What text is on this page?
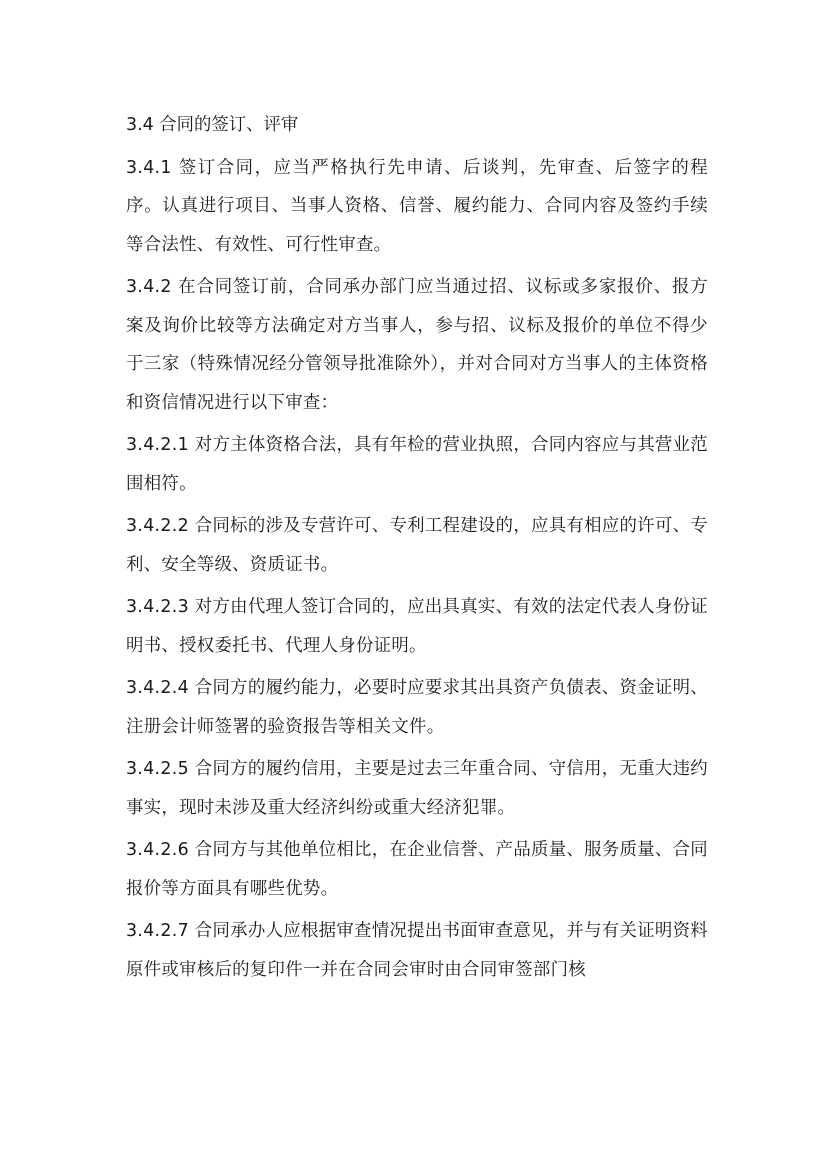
3.4 合同的签订、评审

3.4.1 签订合同，应当严格执行先申请、后谈判，先审查、后签字的程序。认真进行项目、当事人资格、信誉、履约能力、合同内容及签约手续等合法性、有效性、可行性审查。

3.4.2 在合同签订前，合同承办部门应当通过招、议标或多家报价、报方案及询价比较等方法确定对方当事人，参与招、议标及报价的单位不得少于三家（特殊情况经分管领导批准除外），并对合同对方当事人的主体资格和资信情况进行以下审查：

3.4.2.1 对方主体资格合法，具有年检的营业执照，合同内容应与其营业范围相符。

3.4.2.2 合同标的涉及专营许可、专利工程建设的，应具有相应的许可、专利、安全等级、资质证书。

3.4.2.3 对方由代理人签订合同的，应出具真实、有效的法定代表人身份证明书、授权委托书、代理人身份证明。

3.4.2.4 合同方的履约能力，必要时应要求其出具资产负债表、资金证明、注册会计师签署的验资报告等相关文件。

3.4.2.5 合同方的履约信用，主要是过去三年重合同、守信用，无重大违约事实，现时未涉及重大经济纠纷或重大经济犯罪。

3.4.2.6 合同方与其他单位相比，在企业信誉、产品质量、服务质量、合同报价等方面具有哪些优势。

3.4.2.7 合同承办人应根据审查情况提出书面审查意见，并与有关证明资料原件或审核后的复印件一并在合同会审时由合同审签部门核
